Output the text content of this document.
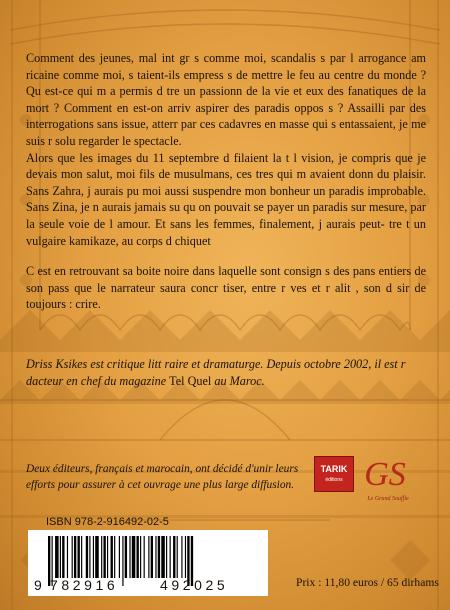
Comment des jeunes, mal int gr s comme moi, scandalis s par l arrogance am ricaine comme moi, s taient-ils empress s de mettre le feu au centre du monde ? Qu est-ce qui m a permis d tre un passionn de la vie et eux des fanatiques de la mort ? Comment en est-on arriv aspirer des paradis oppos s ? Assailli par des interrogations sans issue, atterr par ces cadavres en masse qui s entassaient, je me suis r solu regarder le spectacle.

Alors que les images du 11 septembre d filaient la t l vision, je compris que je devais mon salut, moi fils de musulmans, ces tres qui m avaient donn du plaisir. Sans Zahra, j aurais pu moi aussi suspendre mon bonheur un paradis improbable. Sans Zina, je n aurais jamais su qu on pouvait se payer un paradis sur mesure, par la seule voie de l amour. Et sans les femmes, finalement, j aurais peut- tre t un vulgaire kamikaze, au corps d chiquet

C est en retrouvant sa boite noire dans laquelle sont consign s des pans entiers de son pass que le narrateur saura concr tiser, entre r ves et r alit , son d sir de toujours : crire.

Driss Ksikes est critique litt raire et dramaturge. Depuis octobre 2002, il est r dacteur en chef du magazine Tel Quel au Maroc.
Deux éditeurs, français et marocain, ont décidé d'unir leurs efforts pour assurer à cet ouvrage une plus large diffusion.
TARIK
éditions GS
Le Grand Souffle
ISBN 978-2-916492-02-5
9 782916	492025	Prix : 11,80 euros / 65 dirhams
